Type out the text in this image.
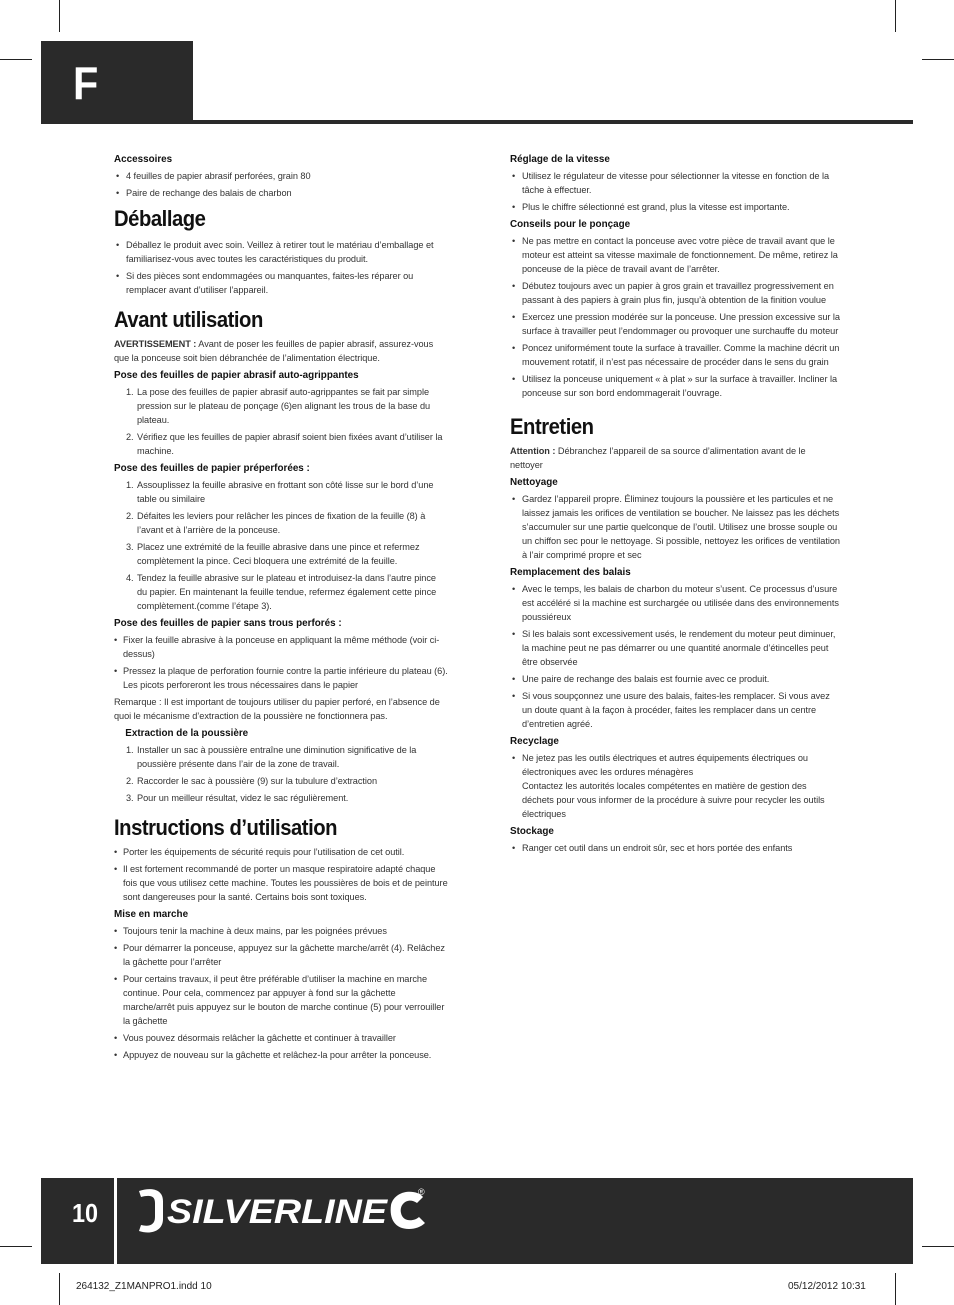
F
Accessoires
• 4 feuilles de papier abrasif perforées, grain 80
• Paire de rechange des balais de charbon
Déballage
• Déballez le produit avec soin. Veillez à retirer tout le matériau d’emballage et familiarisez-vous avec toutes les caractéristiques du produit.
• Si des pièces sont endommagées ou manquantes, faites-les réparer ou remplacer avant d’utiliser l’appareil.
Avant utilisation
AVERTISSEMENT : Avant de poser les feuilles de papier abrasif, assurez-vous que la ponceuse soit bien débranchée de l’alimentation électrique.
Pose des feuilles de papier abrasif auto-agrippantes
1. La pose des feuilles de papier abrasif auto-agrippantes se fait par simple pression sur le plateau de ponçage (6)en alignant les trous de la base du plateau.
2. Vérifiez que les feuilles de papier abrasif soient bien fixées avant d’utiliser la machine.
Pose des feuilles de papier préperforées :
1. Assouplissez la feuille abrasive en frottant son côté lisse sur le bord d’une table ou similaire
2. Défaites les leviers pour relâcher les pinces de fixation de la feuille (8) à l’avant et à l’arrière de la ponceuse.
3. Placez une extrémité de la feuille abrasive dans une pince et refermez complètement la pince. Ceci bloquera une extrémité de la feuille.
4. Tendez la feuille abrasive sur le plateau et introduisez-la dans l’autre pince du papier. En maintenant la feuille tendue, refermez également cette pince complètement.(comme l’étape 3).
Pose des feuilles de papier sans trous perforés :
• Fixer la feuille abrasive à la ponceuse en appliquant la même méthode (voir ci-dessus)
• Pressez la plaque de perforation fournie contre la partie inférieure du plateau (6). Les picots perforeront les trous nécessaires dans le papier
Remarque : Il est important de toujours utiliser du papier perforé, en l’absence de quoi le mécanisme d’extraction de la poussière ne fonctionnera pas.
Extraction de la poussière
1. Installer un sac à poussière entraîne une diminution significative de la poussière présente dans l’air de la zone de travail.
2. Raccorder le sac à poussière (9) sur la tubulure d’extraction
3. Pour un meilleur résultat, videz le sac régulièrement.
Instructions d’utilisation
• Porter les équipements de sécurité requis pour l’utilisation de cet outil.
• Il est fortement recommandé de porter un masque respiratoire adapté chaque fois que vous utilisez cette machine. Toutes les poussières de bois et de peinture sont dangereuses pour la santé. Certains bois sont toxiques.
Mise en marche
• Toujours tenir la machine à deux mains, par les poignées prévues
• Pour démarrer la ponceuse, appuyez sur la gâchette marche/arrêt (4). Relâchez la gâchette pour l’arrêter
• Pour certains travaux, il peut être préférable d’utiliser la machine en marche continue. Pour cela, commencez par appuyer à fond sur la gâchette marche/arrêt puis appuyez sur le bouton de marche continue (5) pour verrouiller la gâchette
• Vous pouvez désormais relâcher la gâchette et continuer à travailler
• Appuyez de nouveau sur la gâchette et relâchez-la pour arrêter la ponceuse.
Réglage de la vitesse
• Utilisez le régulateur de vitesse pour sélectionner la vitesse en fonction de la tâche à effectuer.
• Plus le chiffre sélectionné est grand, plus la vitesse est importante.
Conseils pour le ponçage
• Ne pas mettre en contact la ponceuse avec votre pièce de travail avant que le moteur est atteint sa vitesse maximale de fonctionnement. De même, retirez la ponceuse de la pièce de travail avant de l’arrêter.
• Débutez toujours avec un papier à gros grain et travaillez progressivement en passant à des papiers à grain plus fin, jusqu’à obtention de la finition voulue
• Exercez une pression modérée sur la ponceuse. Une pression excessive sur la surface à travailler peut l’endommager ou provoquer une surchauffe du moteur
• Poncez uniformément toute la surface à travailler. Comme la machine décrit un mouvement rotatif, il n’est pas nécessaire de procéder dans le sens du grain
• Utilisez la ponceuse uniquement « à plat » sur la surface à travailler. Incliner la ponceuse sur son bord endommagerait l’ouvrage.
Entretien
Attention : Débranchez l’appareil de sa source d’alimentation avant de le nettoyer
Nettoyage
• Gardez l’appareil propre. Éliminez toujours la poussière et les particules et ne laissez jamais les orifices de ventilation se boucher. Ne laissez pas les déchets s’accumuler sur une partie quelconque de l’outil. Utilisez une brosse souple ou un chiffon sec pour le nettoyage. Si possible, nettoyez les orifices de ventilation à l’air comprimé propre et sec
Remplacement des balais
• Avec le temps, les balais de charbon du moteur s’usent. Ce processus d’usure est accéléré si la machine est surchargée ou utilisée dans des environnements poussiéreux
• Si les balais sont excessivement usés, le rendement du moteur peut diminuer, la machine peut ne pas démarrer ou une quantité anormale d’étincelles peut être observée
• Une paire de rechange des balais est fournie avec ce produit.
• Si vous soupçonnez une usure des balais, faites-les remplacer. Si vous avez un doute quant à la façon à procéder, faites les remplacer dans un centre d’entretien agréé.
Recyclage
• Ne jetez pas les outils électriques et autres équipements électriques ou électroniques avec les ordures ménagères
Contactez les autorités locales compétentes en matière de gestion des déchets pour vous informer de la procédure à suivre pour recycler les outils électriques
Stockage
• Ranger cet outil dans un endroit sûr, sec et hors portée des enfants
10 SILVERLINE
®
264132_Z1MANPRO1.indd 10	05/12/2012 10:31
